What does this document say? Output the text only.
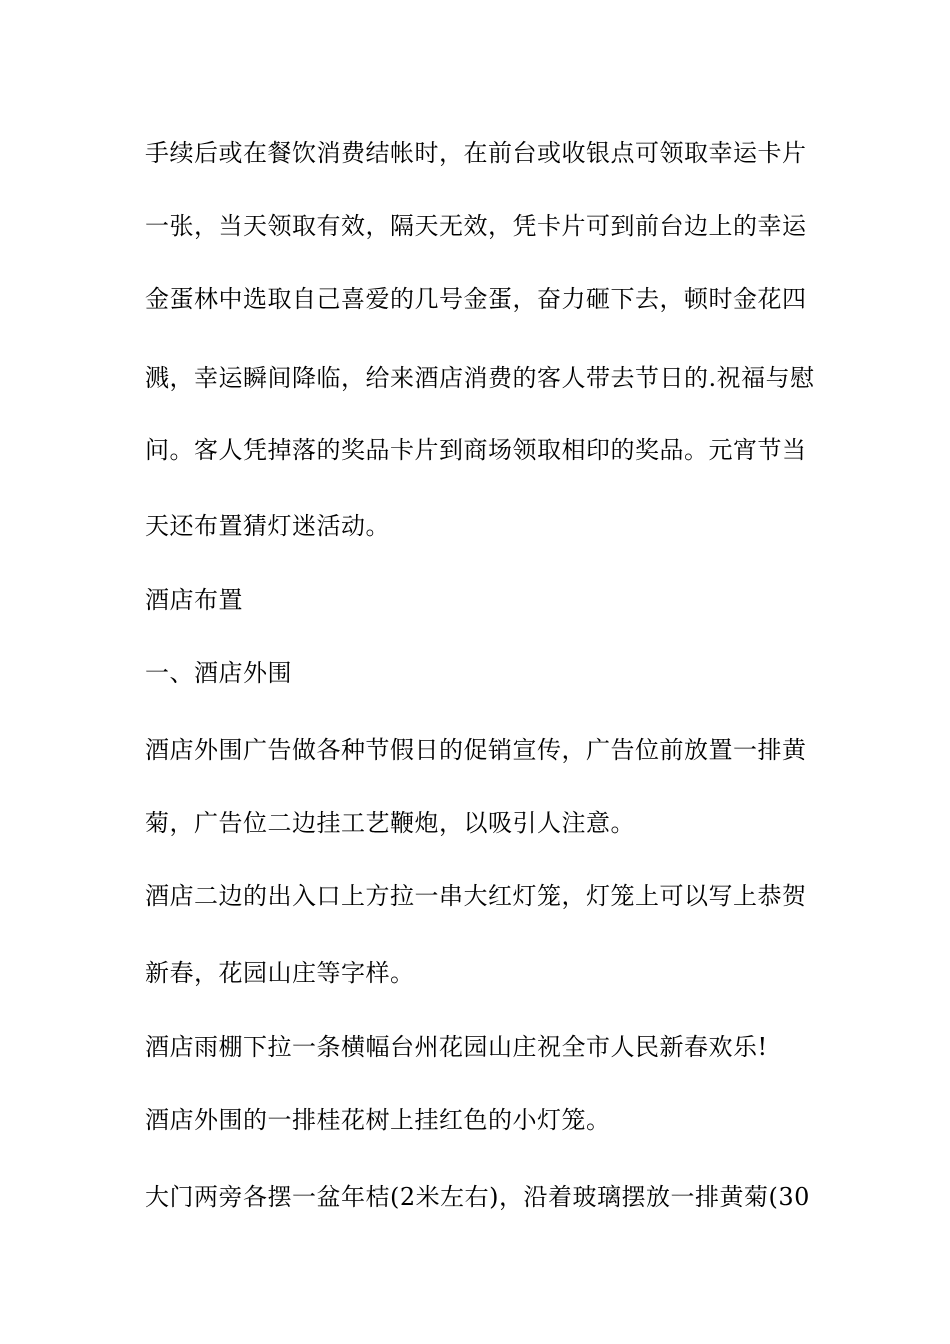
手续后或在餐饮消费结帐时，在前台或收银点可领取幸运卡片

一张，当天领取有效，隔天无效，凭卡片可到前台边上的幸运

金蛋林中选取自己喜爱的几号金蛋，奋力砸下去，顿时金花四

溅，幸运瞬间降临，给来酒店消费的客人带去节日的.祝福与慰

问。客人凭掉落的奖品卡片到商场领取相印的奖品。元宵节当

天还布置猜灯迷活动。

酒店布置

一、酒店外围

酒店外围广告做各种节假日的促销宣传，广告位前放置一排黄

菊，广告位二边挂工艺鞭炮，以吸引人注意。

酒店二边的出入口上方拉一串大红灯笼，灯笼上可以写上恭贺

新春，花园山庄等字样。

酒店雨棚下拉一条横幅台州花园山庄祝全市人民新春欢乐!

酒店外围的一排桂花树上挂红色的小灯笼。

大门两旁各摆一盆年桔(2米左右)，沿着玻璃摆放一排黄菊(30
